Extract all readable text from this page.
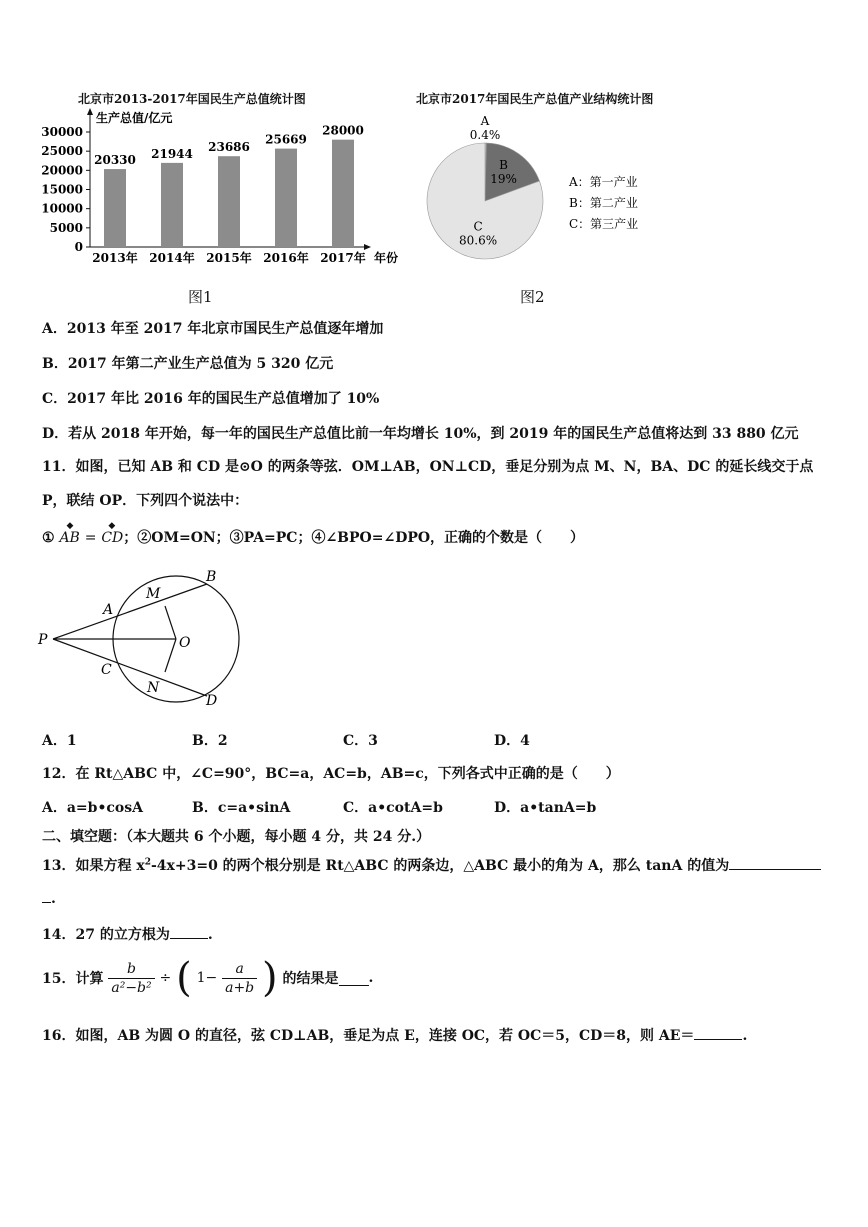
北京市2013-2017年国民生产总值统计图
生产总值/亿元
0
5000
10000
15000
20000
25000
30000
20330
2013年
21944
2014年
23686
2015年
25669
2016年
28000
2017年 年份
图1
北京市2017年国民生产总值产业结构统计图
A
0.4%
B
19%
C
80.6%
A：第一产业
B：第二产业
C：第三产业
图2
A．2013 年至 2017 年北京市国民生产总值逐年增加
B．2017 年第二产业生产总值为 5 320 亿元
C．2017 年比 2016 年的国民生产总值增加了 10%
D．若从 2018 年开始，每一年的国民生产总值比前一年均增长 10%，到 2019 年的国民生产总值将达到 33 880 亿元
11．如图，已知 AB 和 CD 是⊙O 的两条等弦．OM⊥AB，ON⊥CD，垂足分别为点 M、N，BA、DC 的延长线交于点
P，联结 OP．下列四个说法中：
①
◆
AB =
◆
CD；②OM=ON；③PA=PC；④∠BPO=∠DPO，正确的个数是（　　）
P
A
B
M
O
C
N
D
A．1	B．2	C．3	D．4
12．在 Rt△ABC 中，∠C=90°，BC=a，AC=b，AB=c，下列各式中正确的是（　　）
A．a=b•cosA	B．c=a•sinA	C．a•cotA=b	D．a•tanA=b
二、填空题：（本大题共 6 个小题，每小题 4 分，共 24 分.）
13．如果方程 $x^2-4x+3=0$ 的两个根分别是 Rt△ABC 的两条边，△ABC 最小的角为 A，那么 tanA 的值为
.
14．27 的立方根为	.
15．计算 $\frac{b}{\text{a²−b²}}$ ÷ ( $1- \frac{a}{a+b}$ ) 的结果是 .
16．如图，AB 为圆 O 的直径，弦 CD⊥AB，垂足为点 E，连接 OC，若 OC＝5，CD＝8，则 AE＝	.
